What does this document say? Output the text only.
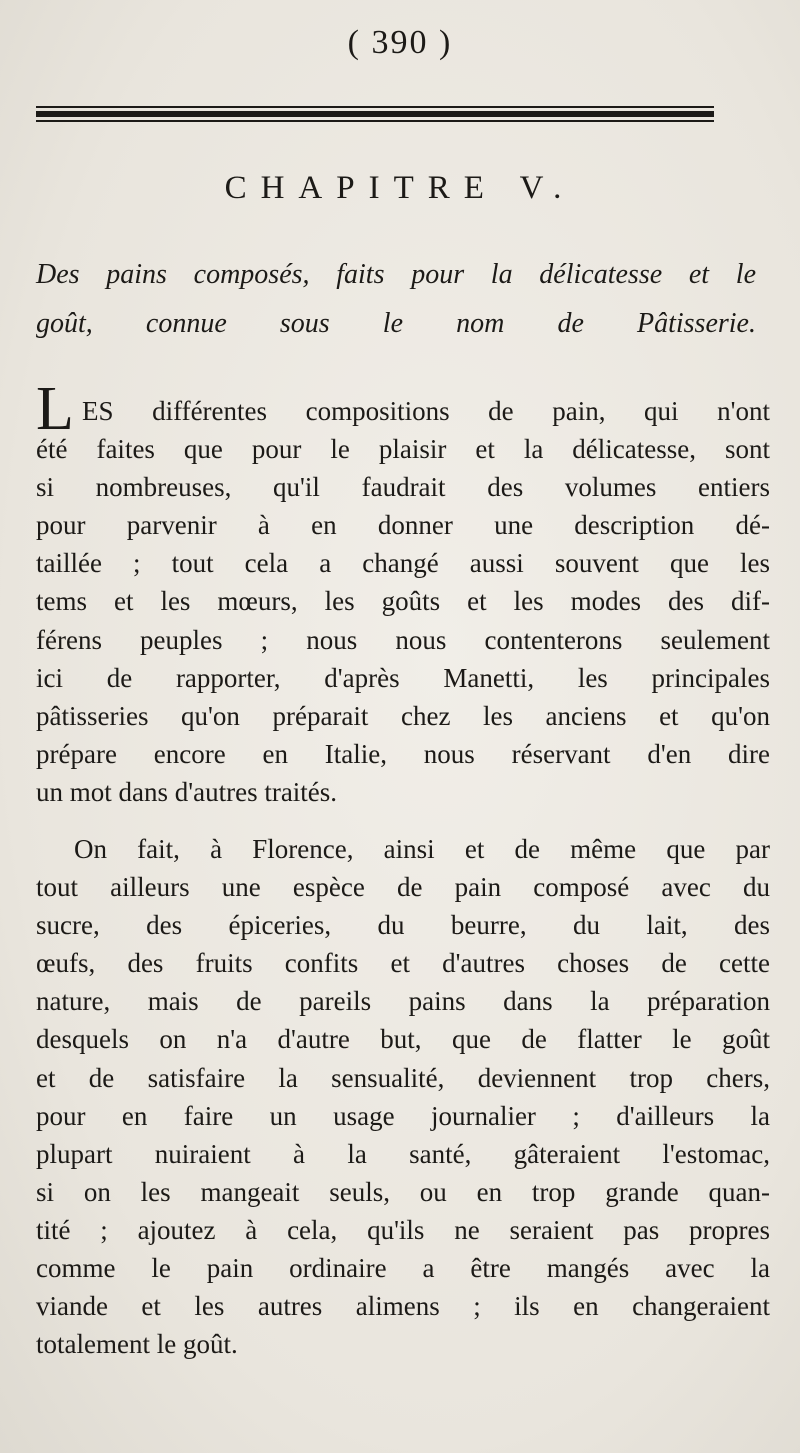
( 390 )
CHAPITRE V.
Des pains composés, faits pour la délicatesse et le
goût, connue sous le nom de Pâtisserie.
L ES différentes compositions de pain, qui n'ont
été faites que pour le plaisir et la délicatesse, sont
si nombreuses, qu'il faudrait des volumes entiers
pour parvenir à en donner une description dé-
taillée ; tout cela a changé aussi souvent que les
tems et les mœurs, les goûts et les modes des dif-
férens peuples ; nous nous contenterons seulement
ici de rapporter, d'après Manetti, les principales
pâtisseries qu'on préparait chez les anciens et qu'on
prépare encore en Italie, nous réservant d'en dire
un mot dans d'autres traités.
On fait, à Florence, ainsi et de même que par
tout ailleurs une espèce de pain composé avec du
sucre, des épiceries, du beurre, du lait, des
œufs, des fruits confits et d'autres choses de cette
nature, mais de pareils pains dans la préparation
desquels on n'a d'autre but, que de flatter le goût
et de satisfaire la sensualité, deviennent trop chers,
pour en faire un usage journalier ; d'ailleurs la
plupart nuiraient à la santé, gâteraient l'estomac,
si on les mangeait seuls, ou en trop grande quan-
tité ; ajoutez à cela, qu'ils ne seraient pas propres
comme le pain ordinaire a être mangés avec la
viande et les autres alimens ; ils en changeraient
totalement le goût.
